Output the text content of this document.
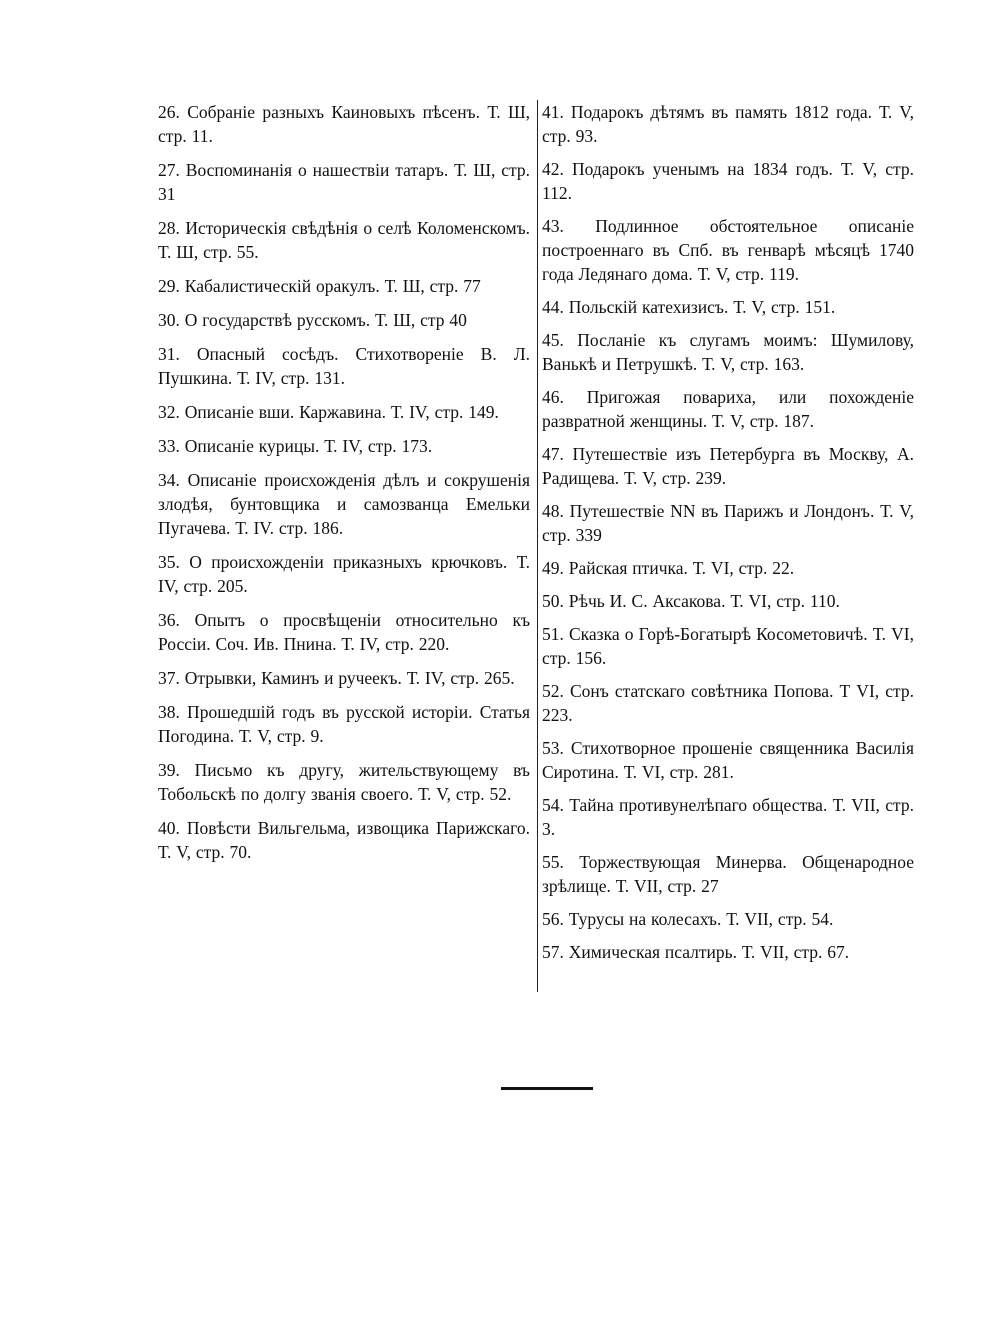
26. Собраніе разныхъ Каиновыхъ пѣсенъ. Т. Ш, стр. 11.

27. Воспоминанія о нашествіи татаръ. Т. Ш, стр. 31

28. Историческія свѣдѣнія о селѣ Коломенскомъ. Т. Ш, стр. 55.

29. Кабалистическій оракулъ. Т. Ш, стр. 77

30. О государствѣ русскомъ. Т. Ш, стр 40

31. Опасный сосѣдъ. Стихотвореніе В. Л. Пушкина. Т. IV, стр. 131.

32. Описаніе вши. Каржавина. Т. IV, стр. 149.

33. Описаніе курицы. Т. IV, стр. 173.

34. Описаніе происхожденія дѣлъ и сокрушенія злодѣя, бунтовщика и самозванца Емельки Пугачева. Т. IV. стр. 186.

35. О происхожденіи приказныхъ крючковъ. Т. IV, стр. 205.

36. Опытъ о просвѣщеніи относительно къ Россіи. Соч. Ив. Пнина. Т. IV, стр. 220.

37. Отрывки, Каминъ и ручеекъ. Т. IV, стр. 265.

38. Прошедшій годъ въ русской исторіи. Статья Погодина. Т. V, стр. 9.

39. Письмо къ другу, жительствующему въ Тобольскѣ по долгу званія своего. Т. V, стр. 52.

40. Повѣсти Вильгельма, извощика Парижскаго. Т. V, стр. 70.

41. Подарокъ дѣтямъ въ память 1812 года. Т. V, стр. 93.

42. Подарокъ ученымъ на 1834 годъ. Т. V, стр. 112.

43. Подлинное обстоятельное описаніе построеннаго въ Спб. въ генварѣ мѣсяцѣ 1740 года Ледянаго дома. Т. V, стр. 119.

44. Польскій катехизисъ. Т. V, стр. 151.

45. Посланіе къ слугамъ моимъ: Шумилову, Ванькѣ и Петрушкѣ. Т. V, стр. 163.

46. Пригожая повариха, или похожденіе развратной женщины. Т. V, стр. 187.

47. Путешествіе изъ Петербурга въ Москву, А. Радищева. Т. V, стр. 239.

48. Путешествіе NN въ Парижъ и Лондонъ. Т. V, стр. 339

49. Райская птичка. Т. VI, стр. 22.

50. Рѣчь И. С. Аксакова. Т. VI, стр. 110.

51. Сказка о Горѣ-Богатырѣ Косометовичѣ. Т. VI, стр. 156.

52. Сонъ статскаго совѣтника Попова. Т VI, стр. 223.

53. Стихотворное прошеніе священника Василія Сиротина. Т. VI, стр. 281.

54. Тайна противунелѣпаго общества. Т. VII, стр. 3.

55. Торжествующая Минерва. Общенародное зрѣлище. Т. VII, стр. 27

56. Турусы на колесахъ. Т. VII, стр. 54.

57. Химическая псалтирь. Т. VII, стр. 67.
